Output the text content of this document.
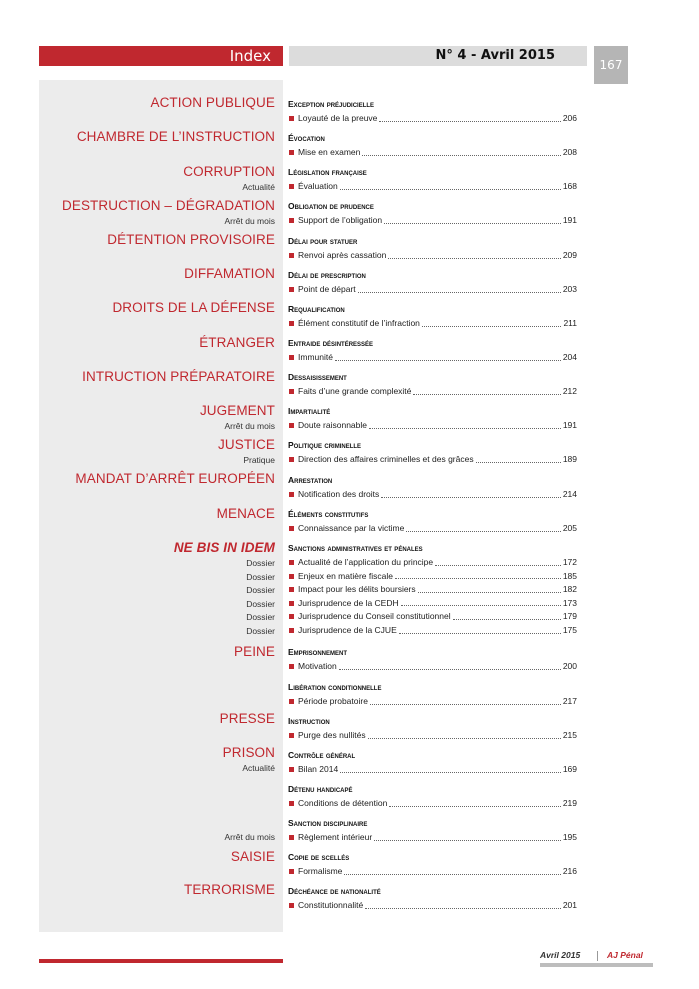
Index	N° 4 - Avril 2015
167
ACTION PUBLIQUE
CHAMBRE DE L’INSTRUCTION
CORRUPTION
Actualité
DESTRUCTION – DÉGRADATION
Arrêt du mois
DÉTENTION PROVISOIRE
DIFFAMATION
DROITS DE LA DÉFENSE
ÉTRANGER
INTRUCTION PRÉPARATOIRE
JUGEMENT
Arrêt du mois
JUSTICE
Pratique
MANDAT D’ARRÊT EUROPÉEN
MENACE
NE BIS IN IDEM
Dossier
Dossier
Dossier
Dossier
Dossier
Dossier
PEINE
PRESSE
PRISON
Actualité
Arrêt du mois
SAISIE
TERRORISME
Exception préjudicielle
Loyauté de la preuve	206
Évocation
Mise en examen	208
Législation française
Évaluation	168
Obligation de prudence
Support de l’obligation	191
Délai pour statuer
Renvoi après cassation	209
Délai de prescription
Point de départ	203
Requalification
Élément constitutif de l’infraction	211
Entraide désintéressée
Immunité	204
Dessaisissement
Faits d’une grande complexité	212
Impartialité
Doute raisonnable	191
Politique criminelle
Direction des affaires criminelles et des grâces	189
Arrestation
Notification des droits	214
Éléments constitutifs
Connaissance par la victime	205
Sanctions administratives et pénales
Actualité de l’application du principe	172
Enjeux en matière fiscale	185
Impact pour les délits boursiers	182
Jurisprudence de la CEDH	173
Jurisprudence du Conseil constitutionnel	179
Jurisprudence de la CJUE	175
Emprisonnement
Motivation	200
Libération conditionnelle
Période probatoire	217
Instruction
Purge des nullités	215
Contrôle général
Bilan 2014	169
Détenu handicapé
Conditions de détention	219
Sanction disciplinaire
Règlement intérieur	195
Copie de scellés
Formalisme	216
Déchéance de nationalité
Constitutionnalité	201
Avril 2015	AJ Pénal
